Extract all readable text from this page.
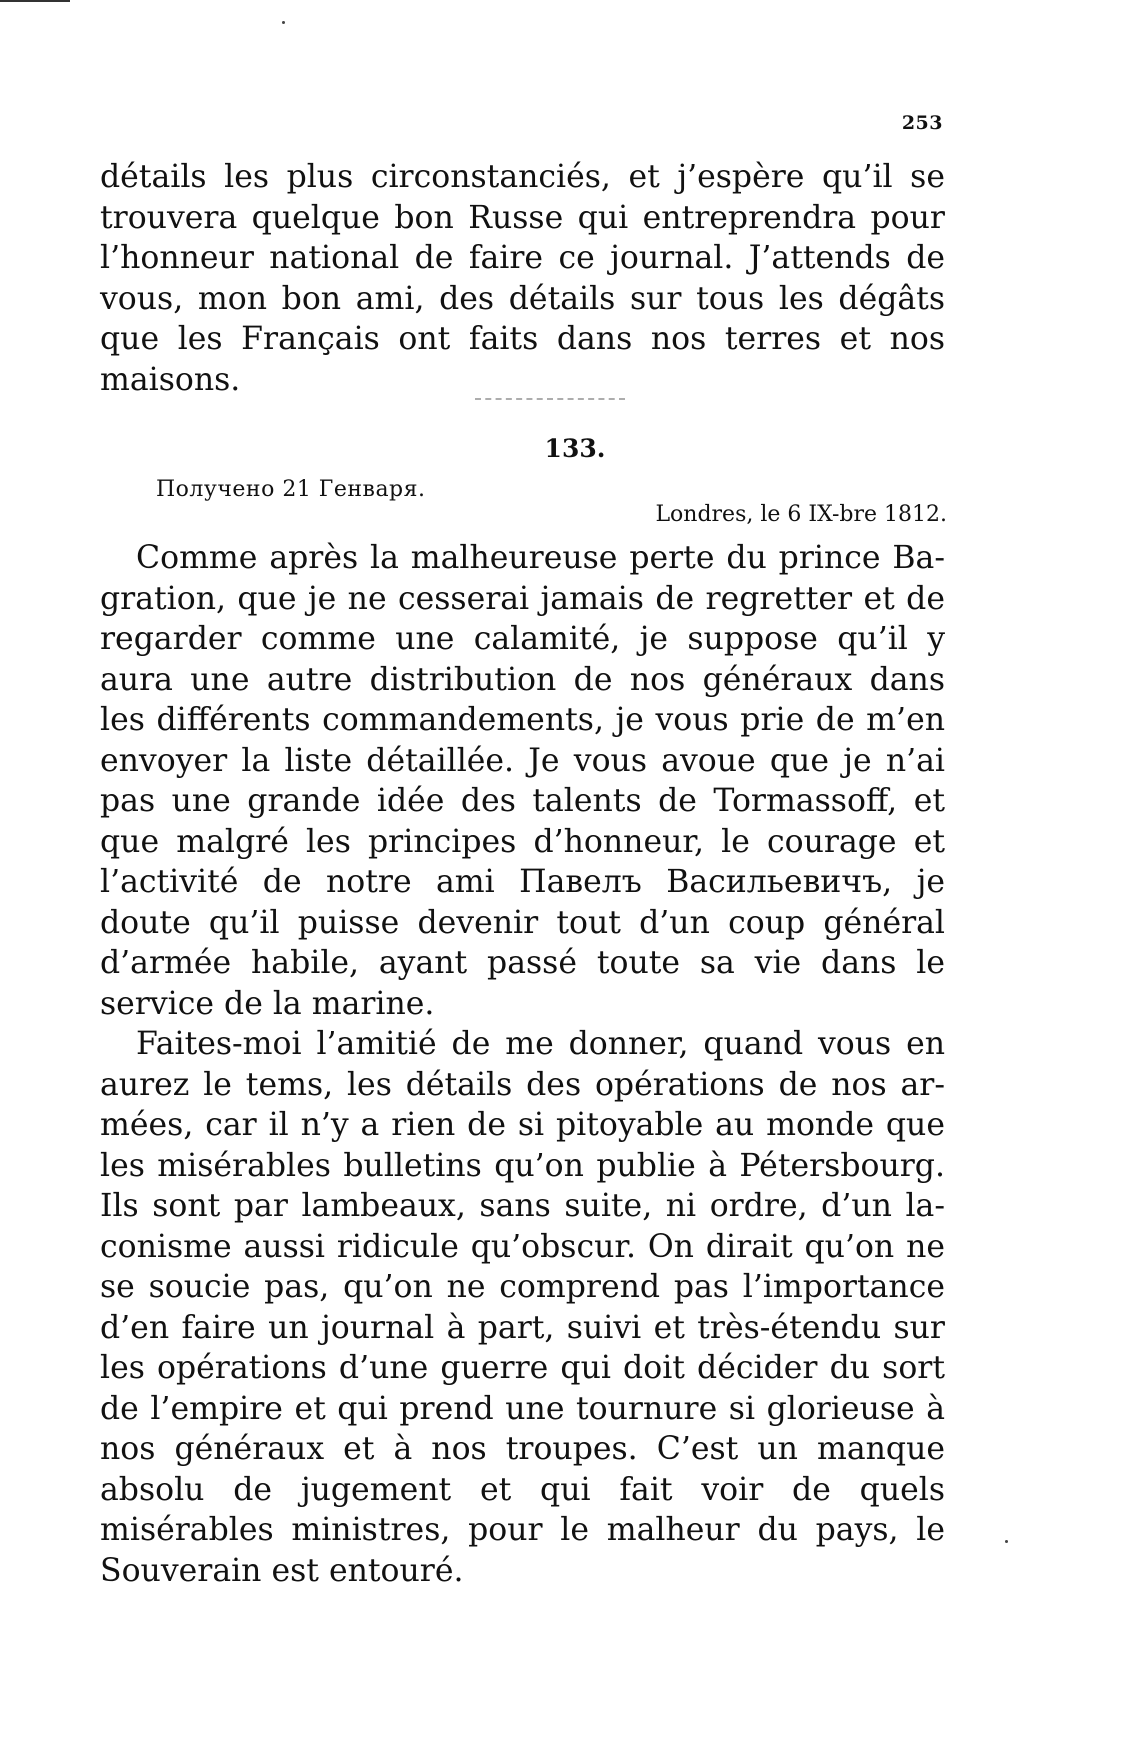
253
détails les plus circonstanciés, et j’espère qu’il se trouvera quelque bon Russe qui entreprendra pour l’honneur national de faire ce journal. J’attends de vous, mon bon ami, des détails sur tous les dégâts que les Français ont faits dans nos terres et nos maisons.
133.
Получено 21 Генваря.
Londres, le 6 IX-bre 1812.

Comme après la malheureuse perte du prince Bagration, que je ne cesserai jamais de regretter et de regarder comme une calamité, je suppose qu’il y aura une autre distribution de nos généraux dans les différents commandements, je vous prie de m’en envoyer la liste détaillée. Je vous avoue que je n’ai pas une grande idée des talents de Tormassoff, et que malgré les principes d’honneur, le courage et l’activité de notre ami Павелъ Васильевичъ, je doute qu’il puisse devenir tout d’un coup général d’armée habile, ayant passé toute sa vie dans le service de la marine.

Faites-moi l’amitié de me donner, quand vous en aurez le tems, les détails des opérations de nos armées, car il n’y a rien de si pitoyable au monde que les misérables bulletins qu’on publie à Pétersbourg. Ils sont par lambeaux, sans suite, ni ordre, d’un laconisme aussi ridicule qu’obscur. On dirait qu’on ne se soucie pas, qu’on ne comprend pas l’importance d’en faire un journal à part, suivi et très-étendu sur les opérations d’une guerre qui doit décider du sort de l’empire et qui prend une tournure si glorieuse à nos généraux et à nos troupes. C’est un manque absolu de jugement et qui fait voir de quels misérables ministres, pour le malheur du pays, le Souverain est entouré.
